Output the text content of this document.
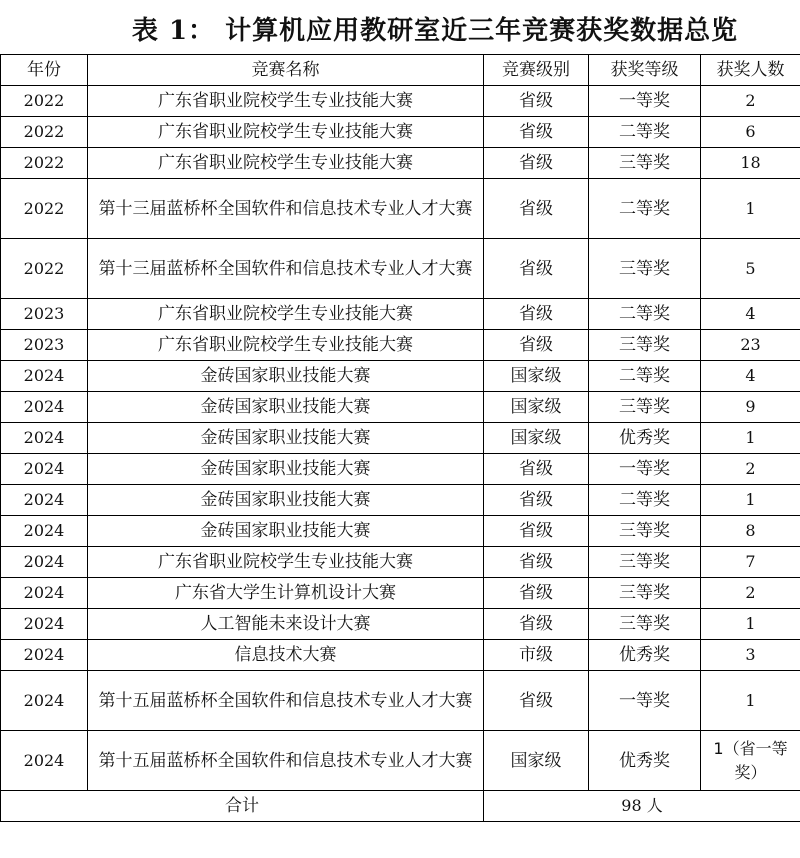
表 1： 计算机应用教研室近三年竞赛获奖数据总览
年份	竞赛名称	竞赛级别	获奖等级	获奖人数
2022	广东省职业院校学生专业技能大赛	省级	一等奖	2
2022	广东省职业院校学生专业技能大赛	省级	二等奖	6
2022	广东省职业院校学生专业技能大赛	省级	三等奖	18
2022	第十三届蓝桥杯全国软件和信息技术专业人才大赛	省级	二等奖	1
2022	第十三届蓝桥杯全国软件和信息技术专业人才大赛	省级	三等奖	5
2023	广东省职业院校学生专业技能大赛	省级	二等奖	4
2023	广东省职业院校学生专业技能大赛	省级	三等奖	23
2024	金砖国家职业技能大赛	国家级	二等奖	4
2024	金砖国家职业技能大赛	国家级	三等奖	9
2024	金砖国家职业技能大赛	国家级	优秀奖	1
2024	金砖国家职业技能大赛	省级	一等奖	2
2024	金砖国家职业技能大赛	省级	二等奖	1
2024	金砖国家职业技能大赛	省级	三等奖	8
2024	广东省职业院校学生专业技能大赛	省级	三等奖	7
2024	广东省大学生计算机设计大赛	省级	三等奖	2
2024	人工智能未来设计大赛	省级	三等奖	1
2024	信息技术大赛	市级	优秀奖	3
2024	第十五届蓝桥杯全国软件和信息技术专业人才大赛	省级	一等奖	1
2024	第十五届蓝桥杯全国软件和信息技术专业人才大赛	国家级	优秀奖	1（省一等奖）
合计		98 人		
